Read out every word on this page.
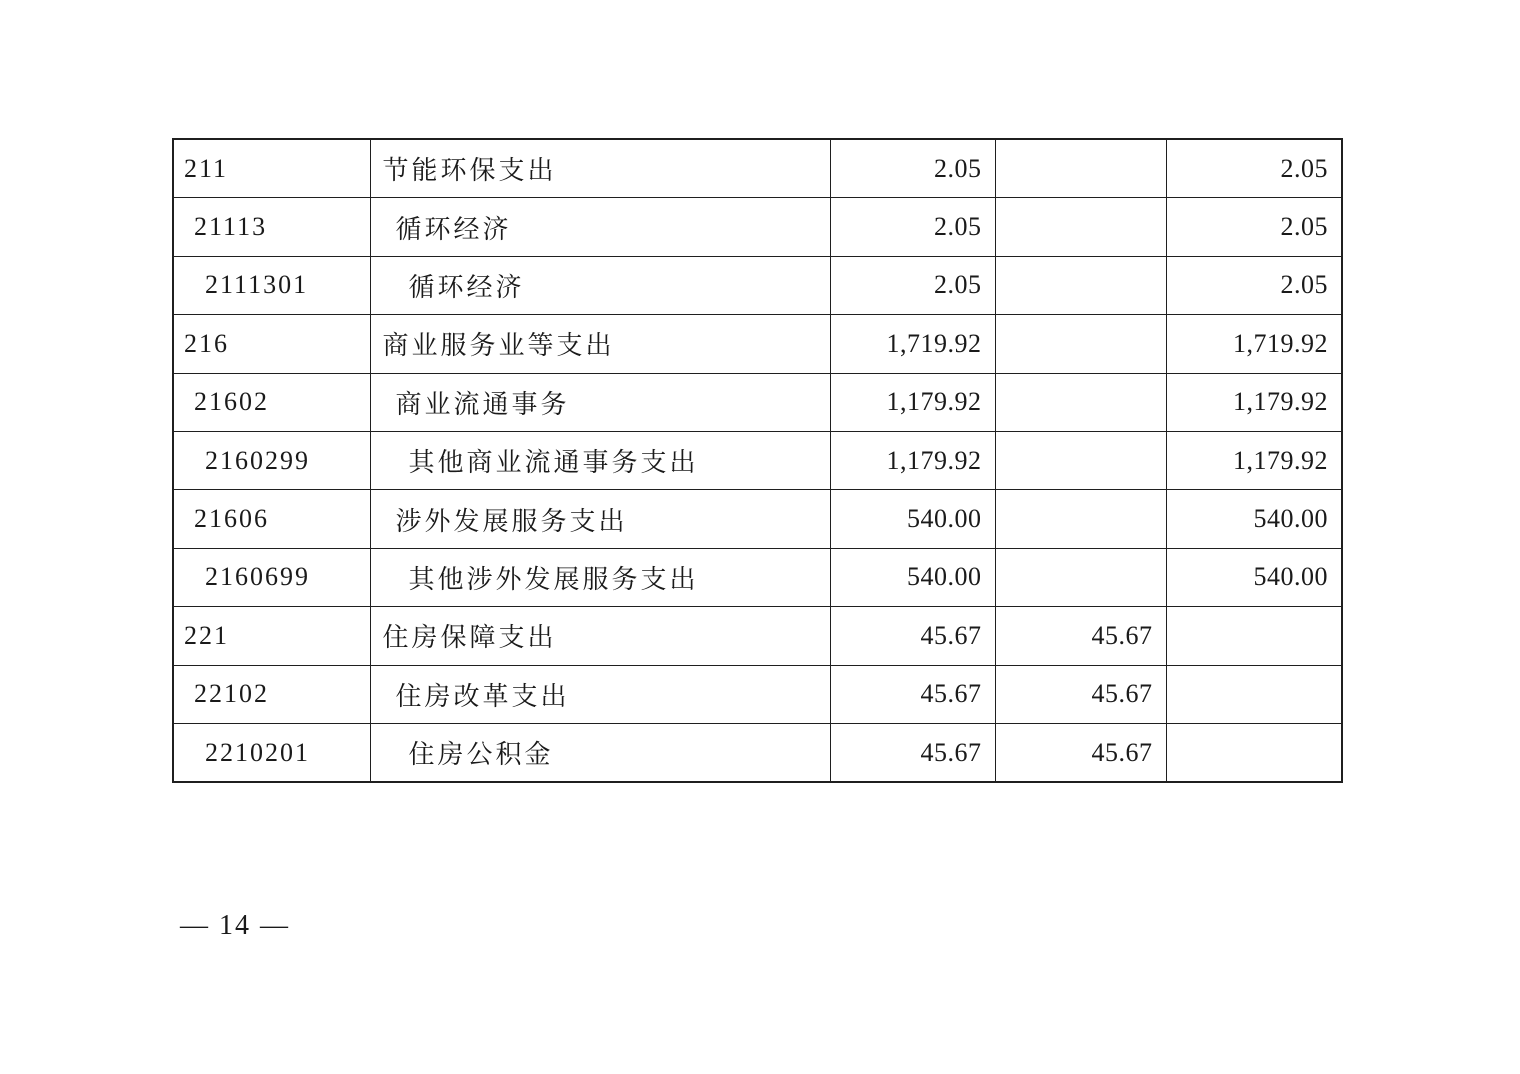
211	节能环保支出	2.05		2.05
21113	循环经济	2.05		2.05
2111301	循环经济	2.05		2.05
216	商业服务业等支出	1,719.92		1,719.92
21602	商业流通事务	1,179.92		1,179.92
2160299	其他商业流通事务支出	1,179.92		1,179.92
21606	涉外发展服务支出	540.00		540.00
2160699	其他涉外发展服务支出	540.00		540.00
221	住房保障支出	45.67	45.67	
22102	住房改革支出	45.67	45.67	
2210201	住房公积金	45.67	45.67	
— 14 —
